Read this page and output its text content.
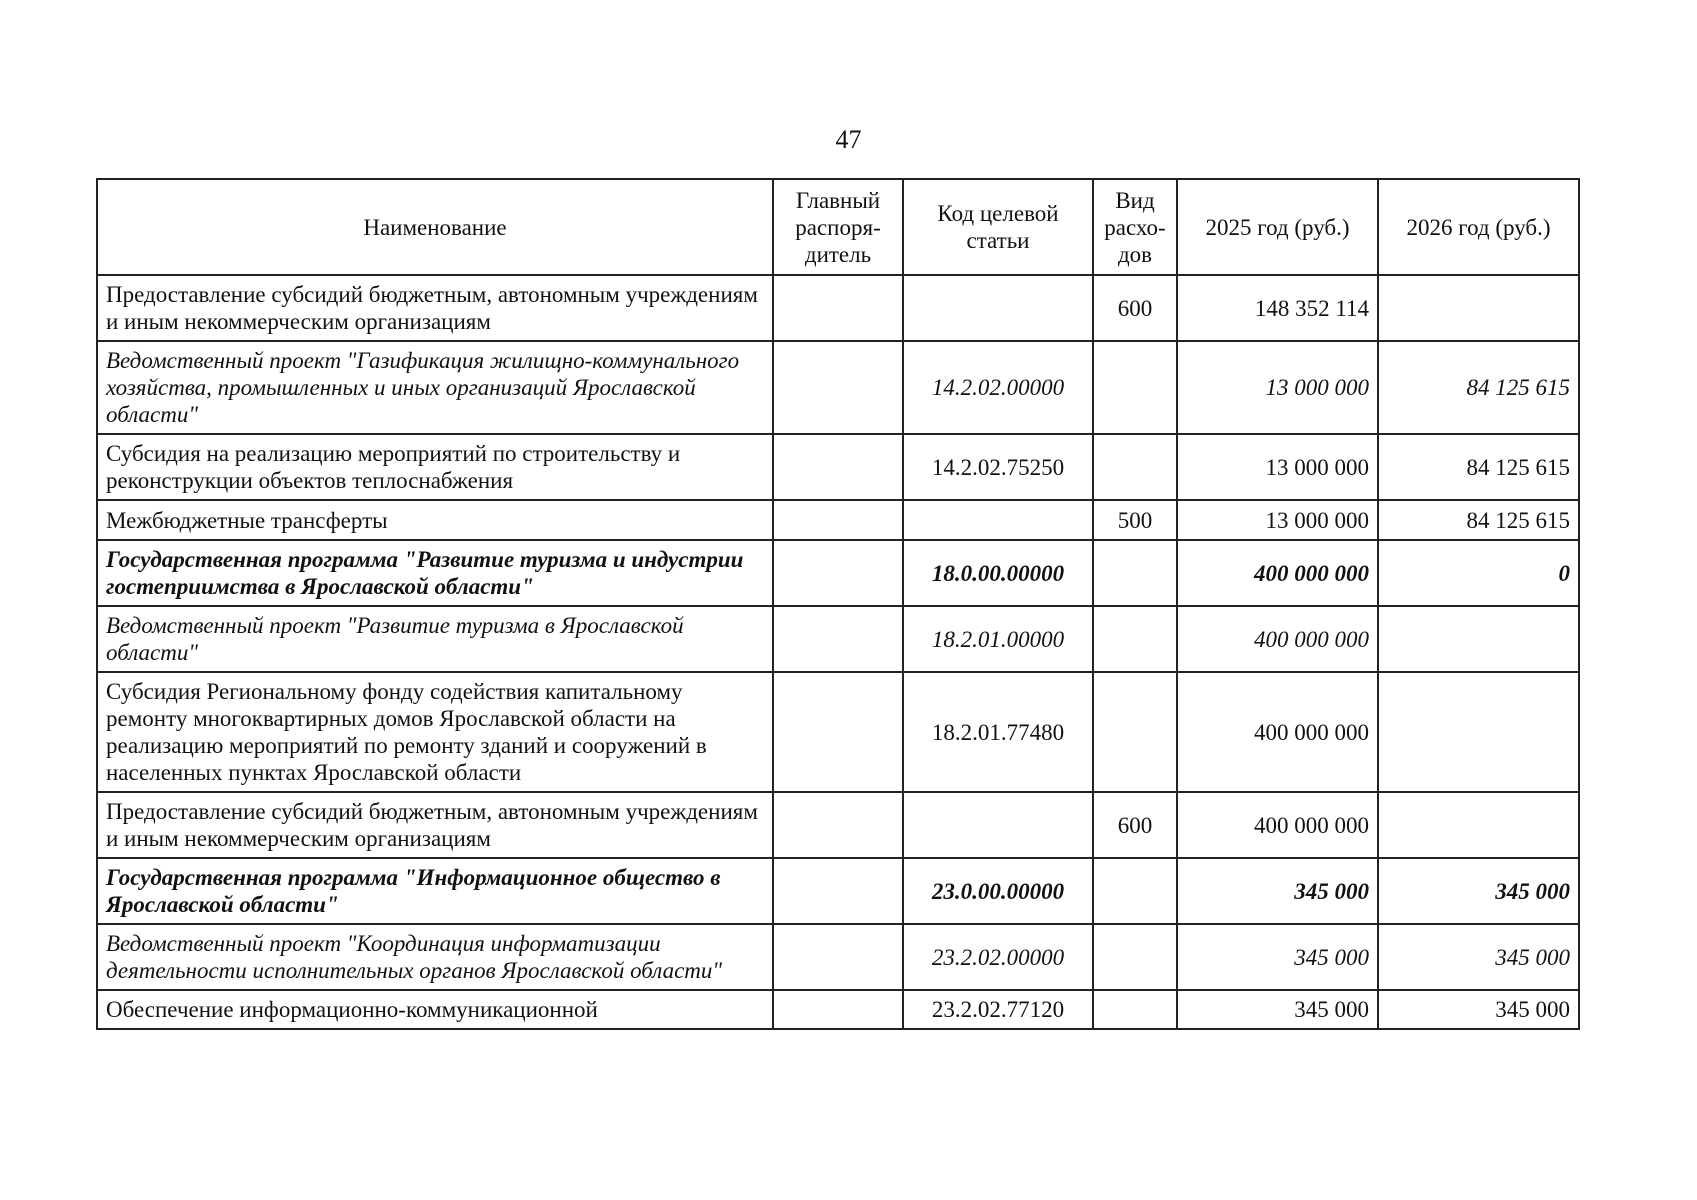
47
Наименование	Главный распоря-дитель	Код целевой статьи	Вид расхо-дов	2025 год (руб.)	2026 год (руб.)
Предоставление субсидий бюджетным, автономным учреждениям и иным некоммерческим организациям			600	148 352 114	
Ведомственный проект "Газификация жилищно-коммунального хозяйства, промышленных и иных организаций Ярославской области"		14.2.02.00000		13 000 000	84 125 615
Субсидия на реализацию мероприятий по строительству и реконструкции объектов теплоснабжения		14.2.02.75250		13 000 000	84 125 615
Межбюджетные трансферты			500	13 000 000	84 125 615
Государственная программа "Развитие туризма и индустрии гостеприимства в Ярославской области"		18.0.00.00000		400 000 000	0
Ведомственный проект "Развитие туризма в Ярославской области"		18.2.01.00000		400 000 000	
Субсидия Региональному фонду содействия капитальному ремонту многоквартирных домов Ярославской области на реализацию мероприятий по ремонту зданий и сооружений в населенных пунктах Ярославской области		18.2.01.77480		400 000 000	
Предоставление субсидий бюджетным, автономным учреждениям и иным некоммерческим организациям			600	400 000 000	
Государственная программа "Информационное общество в Ярославской области"		23.0.00.00000		345 000	345 000
Ведомственный проект "Координация информатизации деятельности исполнительных органов Ярославской области"		23.2.02.00000		345 000	345 000
Обеспечение информационно-коммуникационной		23.2.02.77120		345 000	345 000
